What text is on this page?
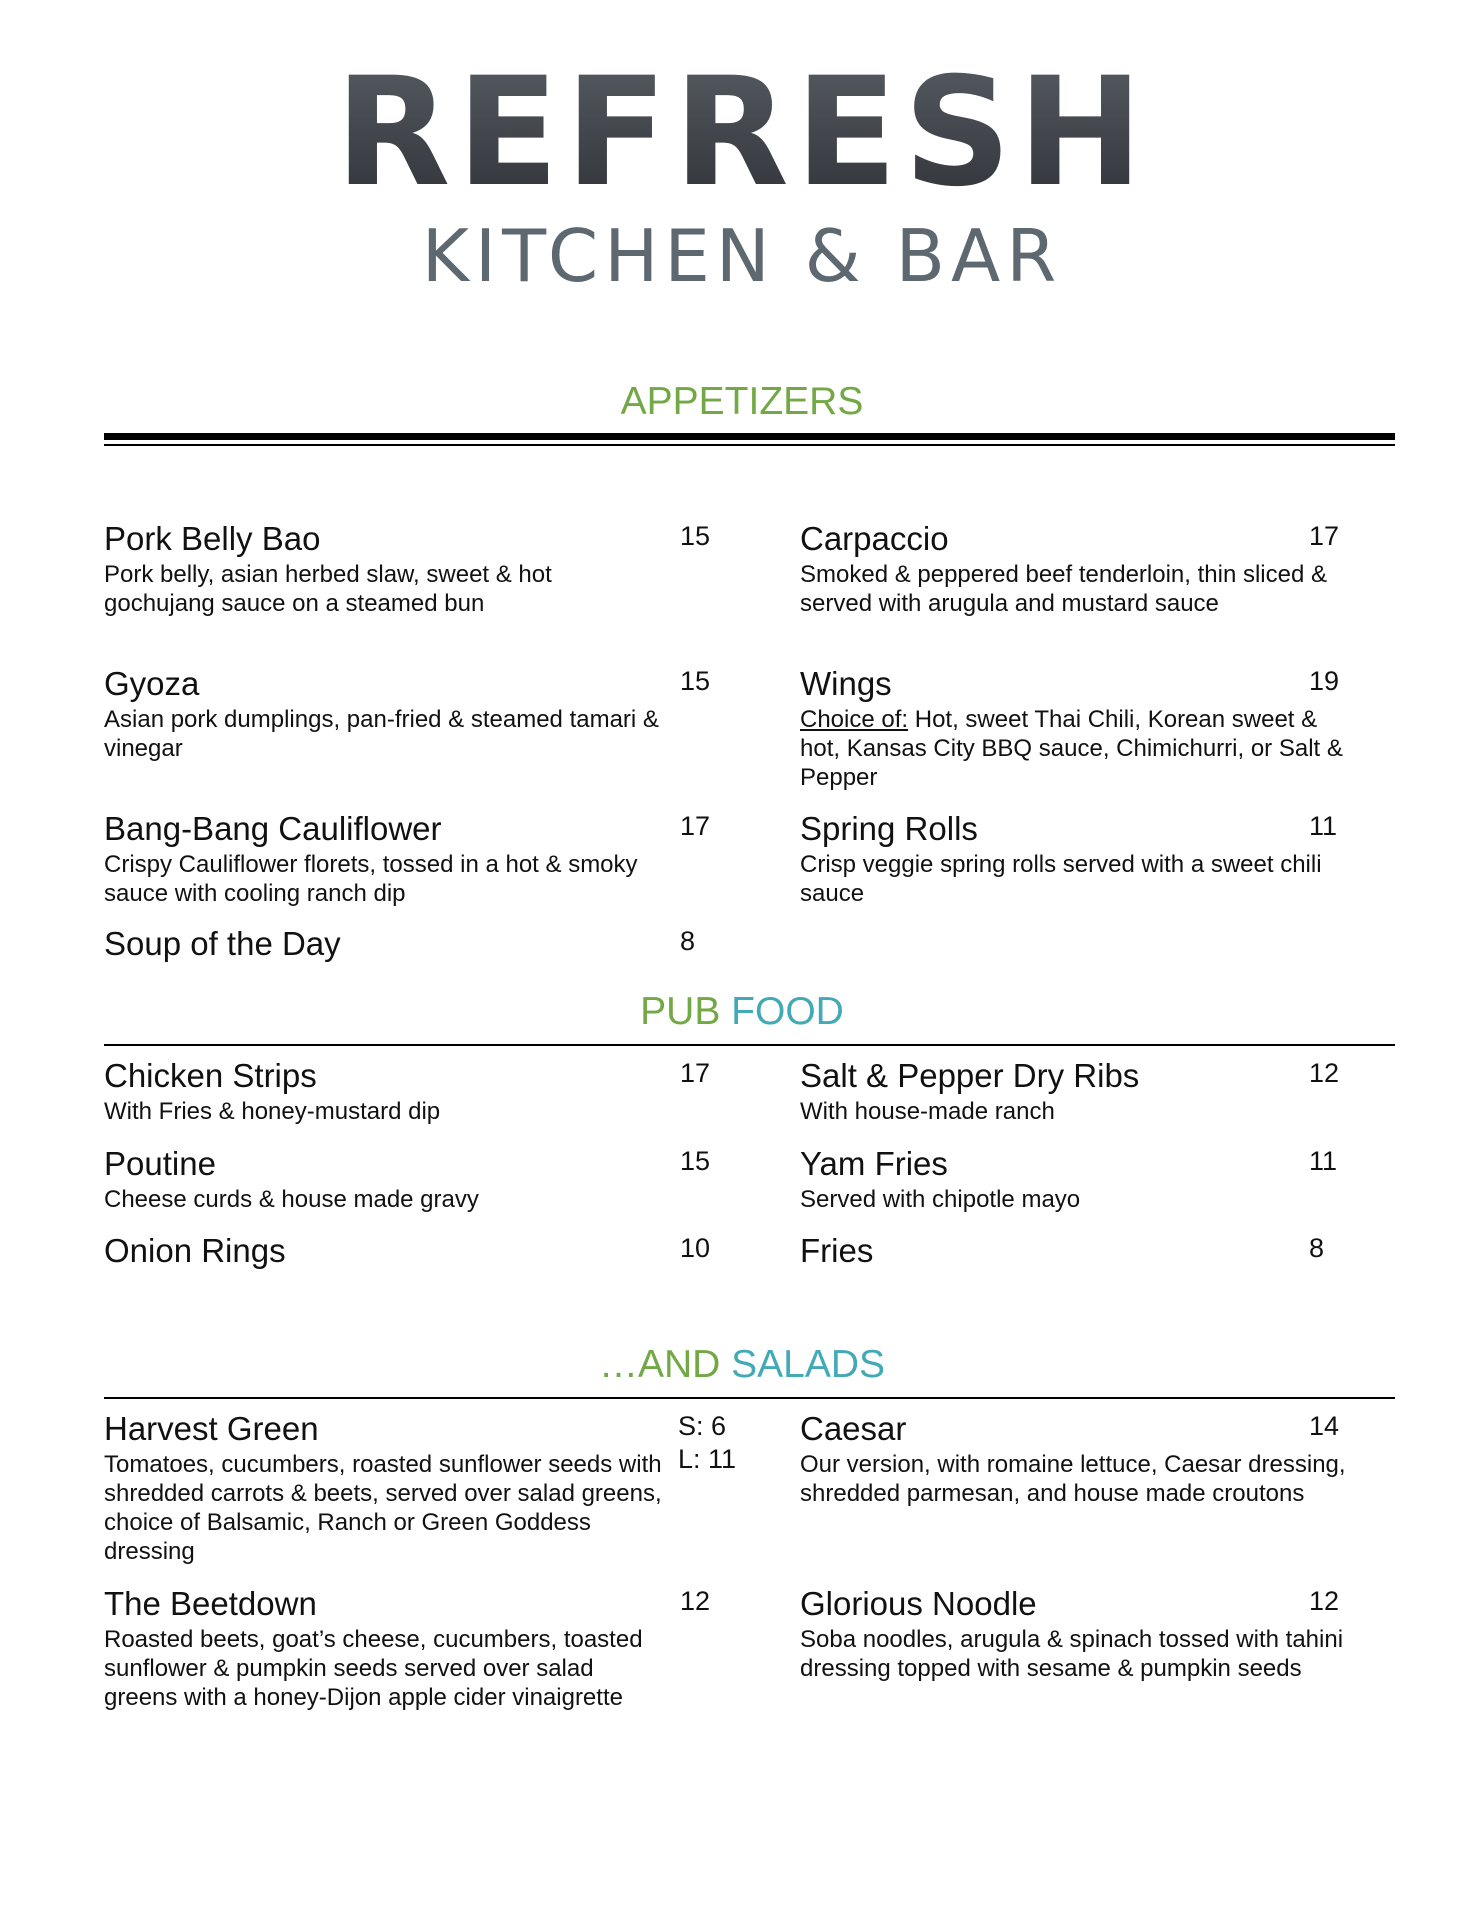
REFRESH
KITCHEN & BAR
APPETIZERS
Pork Belly Bao
Pork belly, asian herbed slaw, sweet & hot gochujang sauce on a steamed bun
15	Carpaccio
Smoked & peppered beef tenderloin, thin sliced & served with arugula and mustard sauce
17
Gyoza
Asian pork dumplings, pan-fried & steamed tamari & vinegar
15	Wings
Choice of: Hot, sweet Thai Chili, Korean sweet & hot, Kansas City BBQ sauce, Chimichurri, or Salt & Pepper
19
Bang-Bang Cauliflower
Crispy Cauliflower florets, tossed in a hot & smoky sauce with cooling ranch dip
17	Spring Rolls
Crisp veggie spring rolls served with a sweet chili sauce
11
Soup of the Day	8
PUB FOOD
Chicken Strips
With Fries & honey-mustard dip
17	Salt & Pepper Dry Ribs
With house-made ranch
12
Poutine
Cheese curds & house made gravy
15	Yam Fries
Served with chipotle mayo
11
Onion Rings	10	Fries	8
…AND SALADS
Harvest Green
Tomatoes, cucumbers, roasted sunflower seeds with shredded carrots & beets, served over salad greens, choice of Balsamic, Ranch or Green Goddess dressing
S: 6
L: 11
Caesar
Our version, with romaine lettuce, Caesar dressing, shredded parmesan, and house made croutons
14
The Beetdown
Roasted beets, goat’s cheese, cucumbers, toasted sunflower & pumpkin seeds served over salad greens with a honey-Dijon apple cider vinaigrette
12	Glorious Noodle
Soba noodles, arugula & spinach tossed with tahini dressing topped with sesame & pumpkin seeds
12
